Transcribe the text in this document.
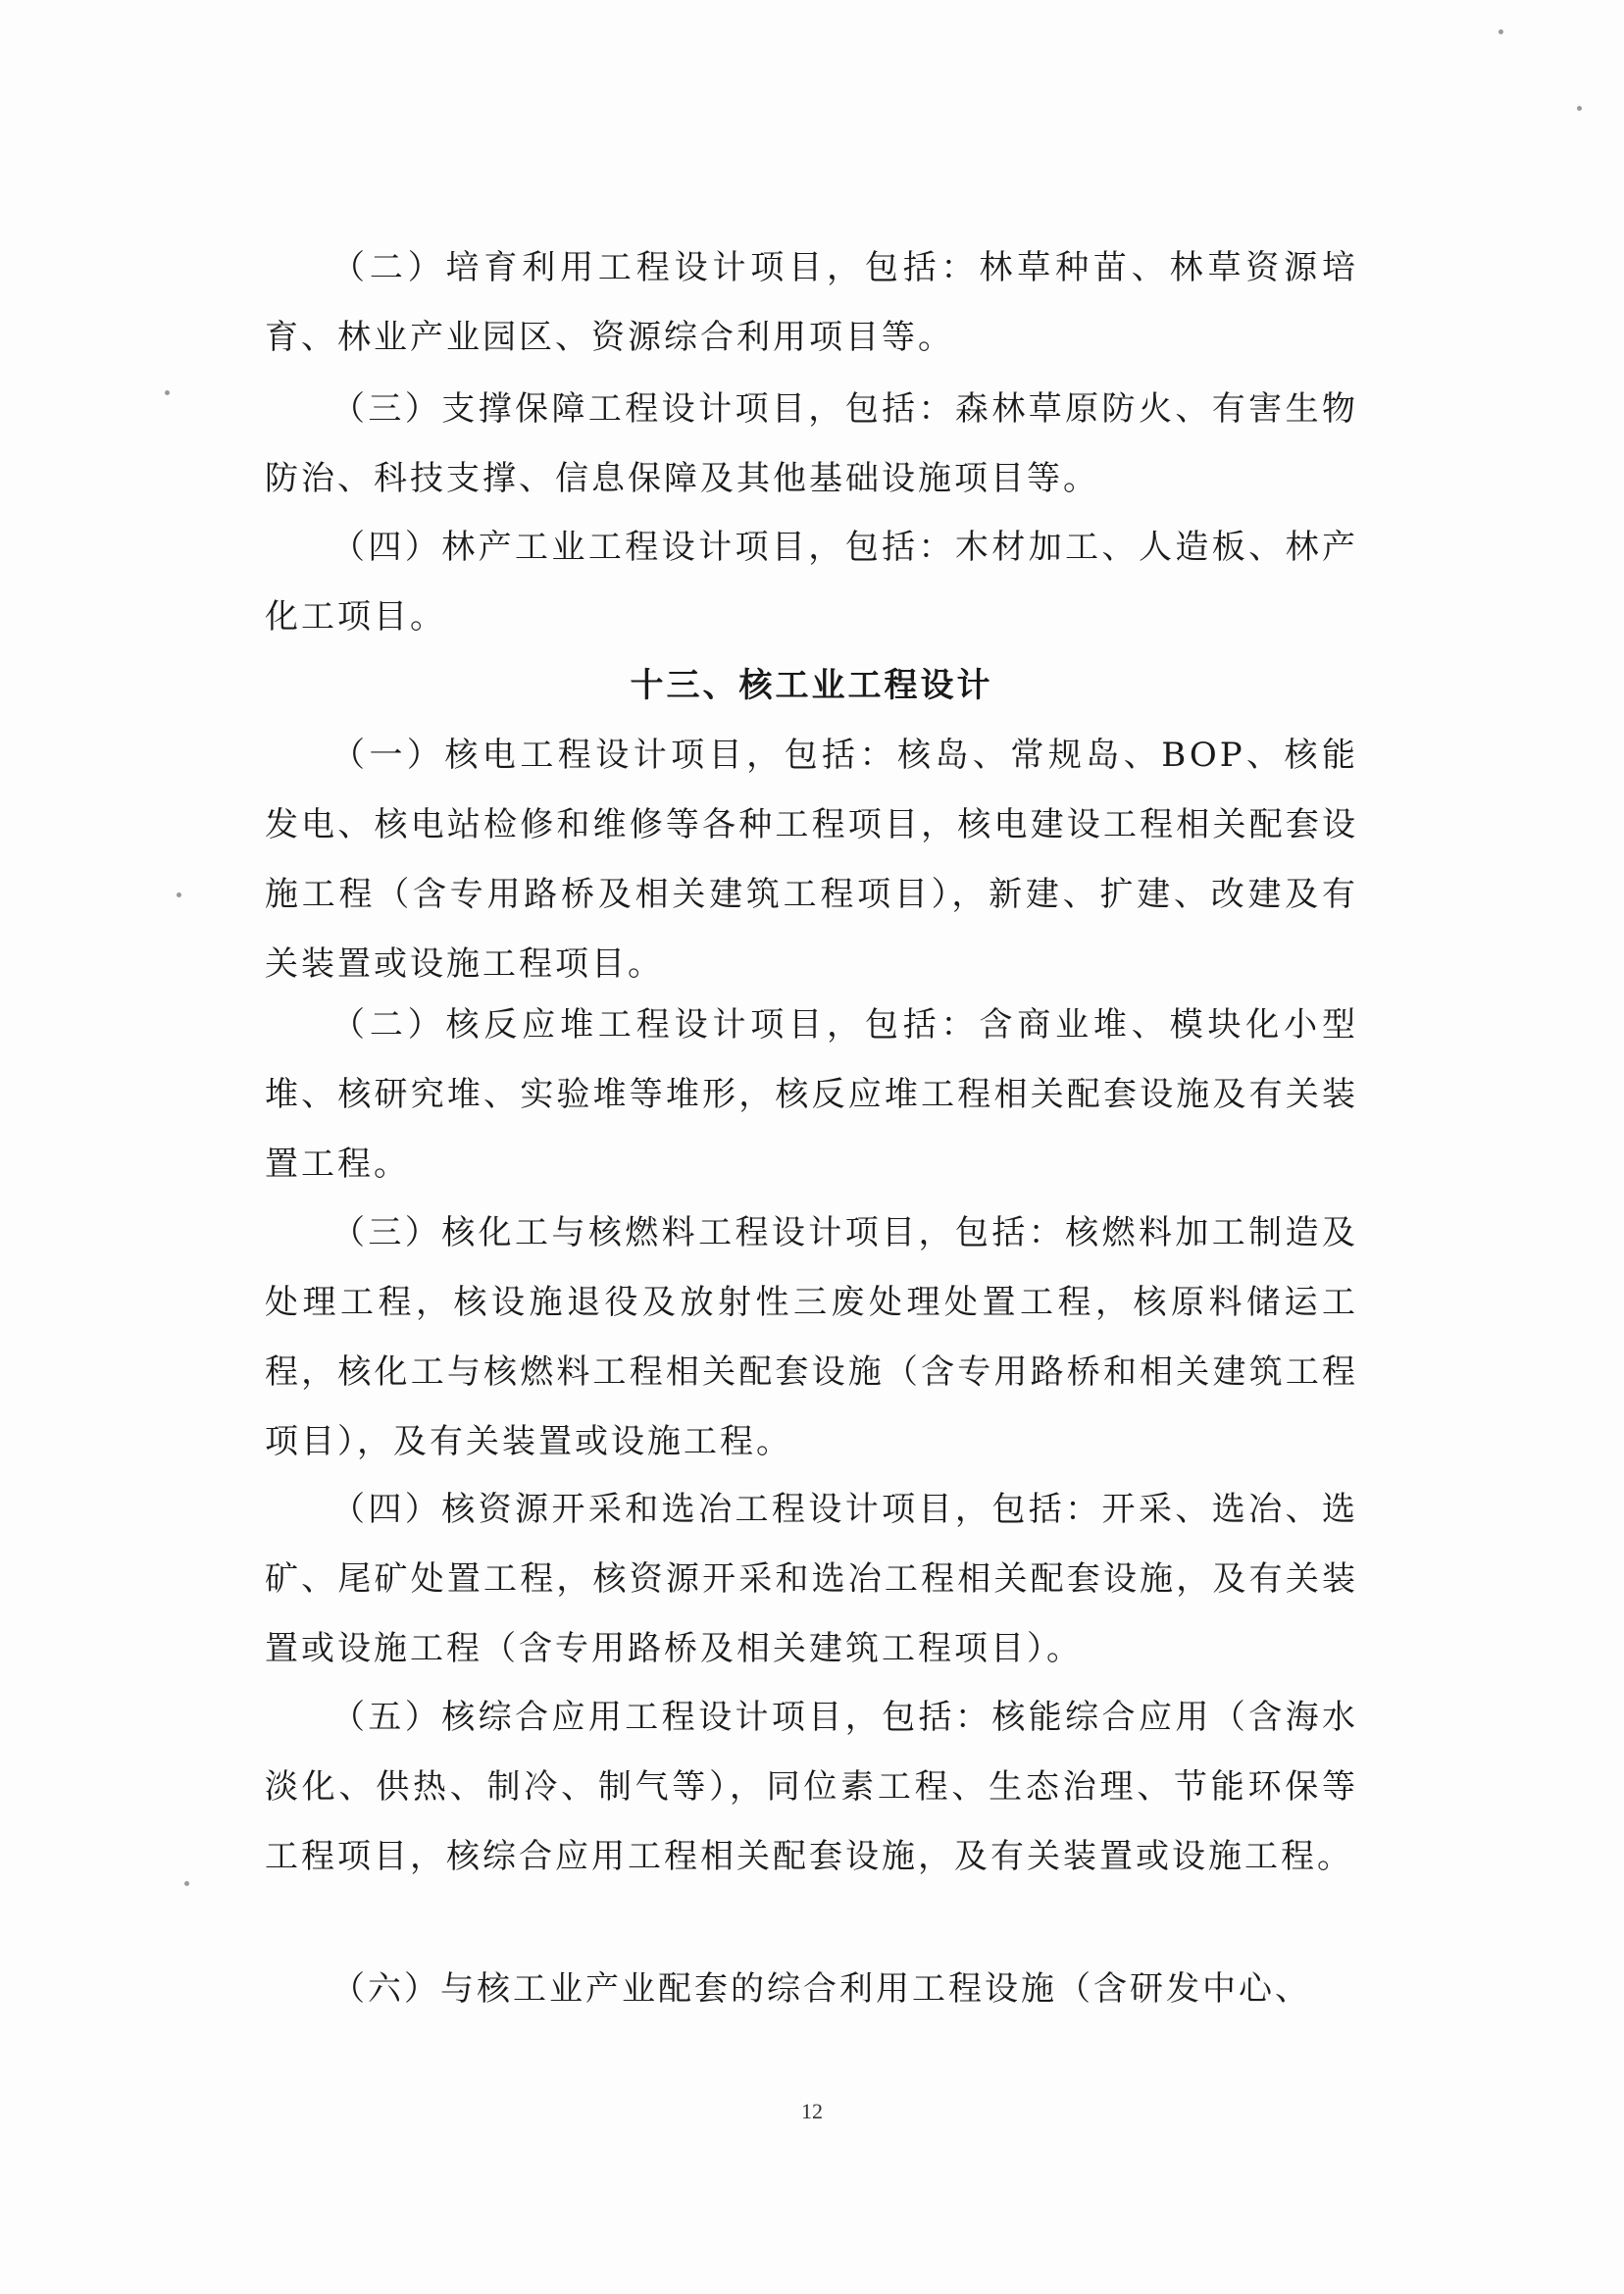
（二）培育利用工程设计项目，包括：林草种苗、林草资源培育、林业产业园区、资源综合利用项目等。

（三）支撑保障工程设计项目，包括：森林草原防火、有害生物防治、科技支撑、信息保障及其他基础设施项目等。

（四）林产工业工程设计项目，包括：木材加工、人造板、林产化工项目。

十三、核工业工程设计

（一）核电工程设计项目，包括：核岛、常规岛、BOP、核能发电、核电站检修和维修等各种工程项目，核电建设工程相关配套设施工程（含专用路桥及相关建筑工程项目），新建、扩建、改建及有关装置或设施工程项目。

（二）核反应堆工程设计项目，包括：含商业堆、模块化小型堆、核研究堆、实验堆等堆形，核反应堆工程相关配套设施及有关装置工程。

（三）核化工与核燃料工程设计项目，包括：核燃料加工制造及处理工程，核设施退役及放射性三废处理处置工程，核原料储运工程，核化工与核燃料工程相关配套设施（含专用路桥和相关建筑工程项目），及有关装置或设施工程。

（四）核资源开采和选冶工程设计项目，包括：开采、选冶、选矿、尾矿处置工程，核资源开采和选冶工程相关配套设施，及有关装置或设施工程（含专用路桥及相关建筑工程项目）。

（五）核综合应用工程设计项目，包括：核能综合应用（含海水淡化、供热、制冷、制气等），同位素工程、生态治理、节能环保等工程项目，核综合应用工程相关配套设施，及有关装置或设施工程。

（六）与核工业产业配套的综合利用工程设施（含研发中心、

12
